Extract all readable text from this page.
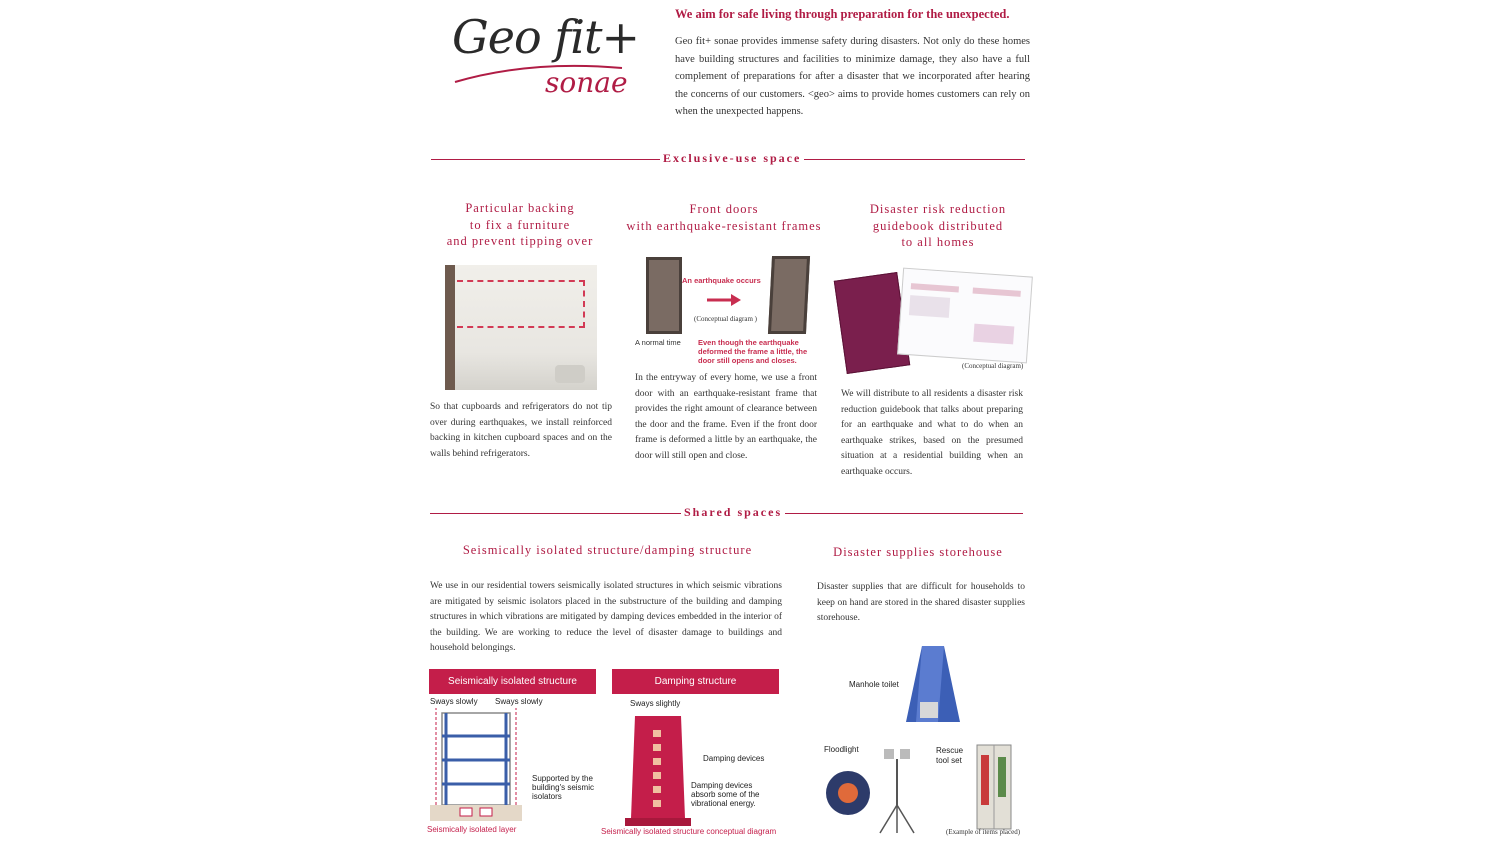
Geo fit+
sonae
We aim for safe living through preparation for the unexpected.
Geo fit+ sonae provides immense safety during disasters. Not only do these homes have building structures and facilities to minimize damage, they also have a full complement of preparations for after a disaster that we incorporated after hearing the concerns of our customers. <geo> aims to provide homes customers can rely on when the unexpected happens.
Exclusive-use space
Particular backing
to fix a furniture
and prevent tipping over
So that cupboards and refrigerators do not tip over during earthquakes, we install reinforced backing in kitchen cupboard spaces and on the walls behind refrigerators.
Front doors
with earthquake-resistant frames
An earthquake occurs
(Conceptual diagram )
A normal time Even though the earthquake deformed the frame a little, the door still opens and closes.
In the entryway of every home, we use a front door with an earthquake-resistant frame that provides the right amount of clearance between the door and the frame. Even if the front door frame is deformed a little by an earthquake, the door will still open and close.
Disaster risk reduction
guidebook distributed
to all homes
(Conceptual diagram)
We will distribute to all residents a disaster risk reduction guidebook that talks about preparing for an earthquake and what to do when an earthquake strikes, based on the presumed situation at a residential building when an earthquake occurs.
Shared spaces
Seismically isolated structure/damping structure
We use in our residential towers seismically isolated structures in which seismic vibrations are mitigated by seismic isolators placed in the substructure of the building and damping structures in which vibrations are mitigated by damping devices embedded in the interior of the building. We are working to reduce the level of disaster damage to buildings and household belongings.
Seismically isolated structure	Damping structure
Sways slowly Sways slowly
Supported by the building's seismic isolators
Seismically isolated layer
Sways slightly
Damping devices
Damping devices absorb some of the vibrational energy.
Seismically isolated structure conceptual diagram
Disaster supplies storehouse
Disaster supplies that are difficult for households to keep on hand are stored in the shared disaster supplies storehouse.
Manhole toilet
Floodlight	Rescue tool set
(Example of items placed)
